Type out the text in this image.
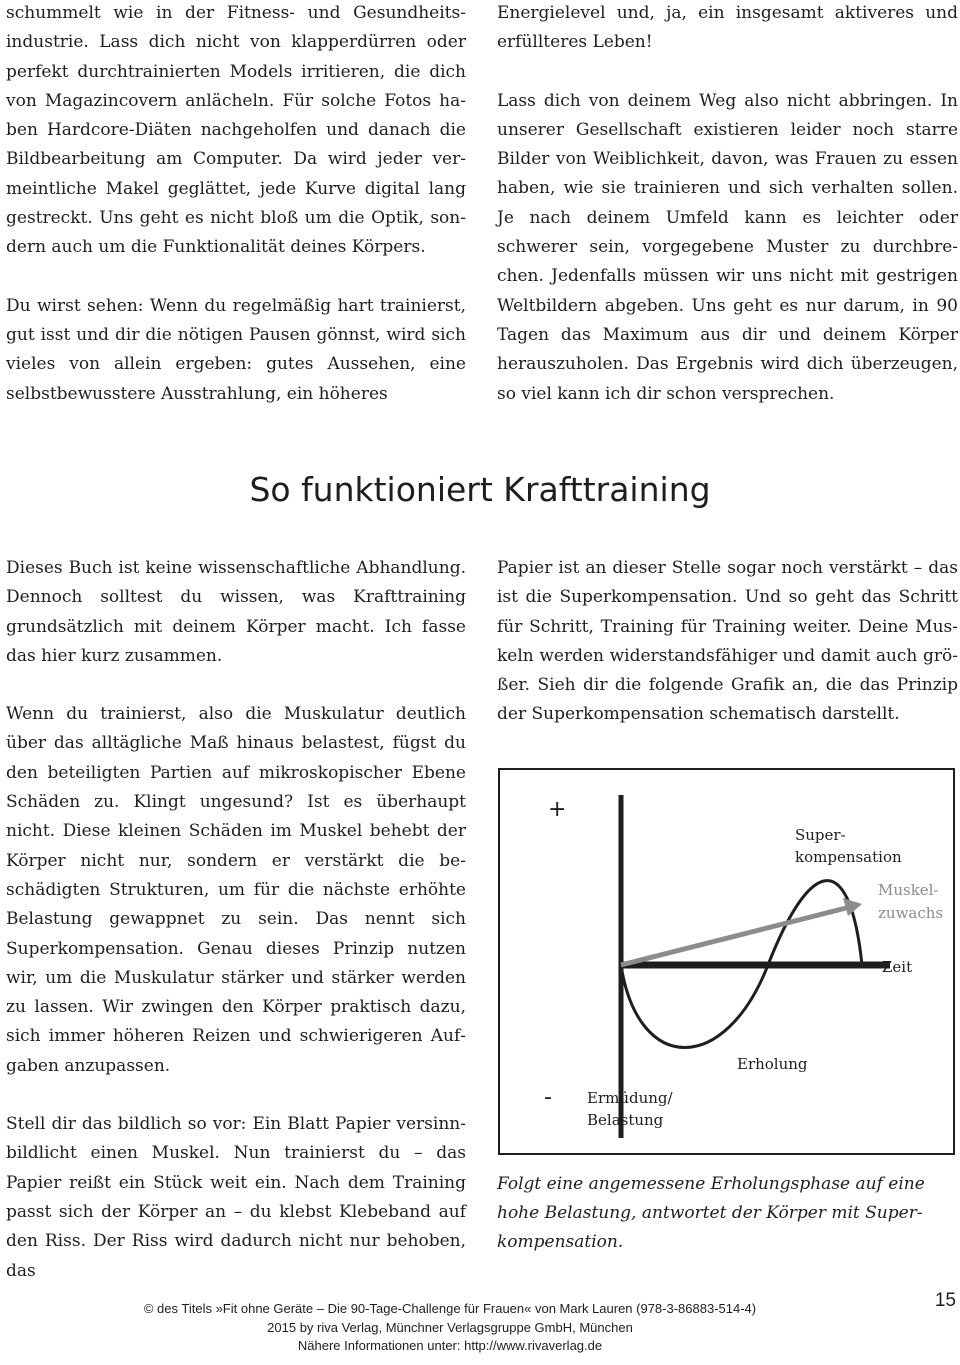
schummelt wie in der Fitness- und Gesundheitsindustrie. Lass dich nicht von klapperdürren oder perfekt durchtrainierten Models irritieren, die dich von Magazincovern anlächeln. Für solche Fotos haben Hardcore-Diäten nachgeholfen und danach die Bildbearbeitung am Computer. Da wird jeder vermeintliche Makel geglättet, jede Kurve digital lang gestreckt. Uns geht es nicht bloß um die Optik, sondern auch um die Funktionalität deines Körpers.

Du wirst sehen: Wenn du regelmäßig hart trainierst, gut isst und dir die nötigen Pausen gönnst, wird sich vieles von allein ergeben: gutes Aussehen, eine selbstbewusstere Ausstrahlung, ein höheres

Energielevel und, ja, ein insgesamt aktiveres und erfüllteres Leben!

Lass dich von deinem Weg also nicht abbringen. In unserer Gesellschaft existieren leider noch starre Bilder von Weiblichkeit, davon, was Frauen zu essen haben, wie sie trainieren und sich verhalten sollen. Je nach deinem Umfeld kann es leichter oder schwerer sein, vorgegebene Muster zu durchbrechen. Jedenfalls müssen wir uns nicht mit gestrigen Weltbildern abgeben. Uns geht es nur darum, in 90 Tagen das Maximum aus dir und deinem Körper herauszuholen. Das Ergebnis wird dich überzeugen, so viel kann ich dir schon versprechen.

So funktioniert Krafttraining

Dieses Buch ist keine wissenschaftliche Abhandlung. Dennoch solltest du wissen, was Krafttraining grundsätzlich mit deinem Körper macht. Ich fasse das hier kurz zusammen.

Wenn du trainierst, also die Muskulatur deutlich über das alltägliche Maß hinaus belastest, fügst du den beteiligten Partien auf mikroskopischer Ebene Schäden zu. Klingt ungesund? Ist es überhaupt nicht. Diese kleinen Schäden im Muskel behebt der Körper nicht nur, sondern er verstärkt die beschädigten Strukturen, um für die nächste erhöhte Belastung gewappnet zu sein. Das nennt sich Superkompensation. Genau dieses Prinzip nutzen wir, um die Muskulatur stärker und stärker werden zu lassen. Wir zwingen den Körper praktisch dazu, sich immer höheren Reizen und schwierigeren Aufgaben anzupassen.

Stell dir das bildlich so vor: Ein Blatt Papier versinnbildlicht einen Muskel. Nun trainierst du – das Papier reißt ein Stück weit ein. Nach dem Training passt sich der Körper an – du klebst Klebeband auf den Riss. Der Riss wird dadurch nicht nur behoben, das

Papier ist an dieser Stelle sogar noch verstärkt – das ist die Superkompensation. Und so geht das Schritt für Schritt, Training für Training weiter. Deine Muskeln werden widerstandsfähiger und damit auch größer. Sieh dir die folgende Grafik an, die das Prinzip der Superkompensation schematisch darstellt.

+
-
Super-
kompensation
Muskel-
zuwachs
Zeit
Erholung
Ermüdung/
Belastung

Folgt eine angemessene Erholungsphase auf eine hohe Belastung, antwortet der Körper mit Superkompensation.

© des Titels »Fit ohne Geräte – Die 90-Tage-Challenge für Frauen« von Mark Lauren (978-3-86883-514-4)
2015 by riva Verlag, Münchner Verlagsgruppe GmbH, München
Nähere Informationen unter: http://www.rivaverlag.de
15
